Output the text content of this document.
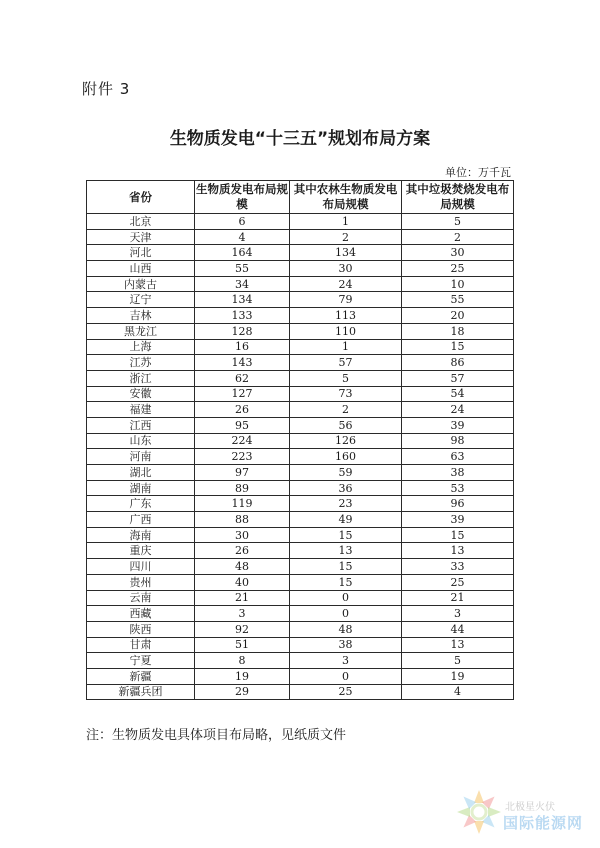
附件 3
生物质发电“十三五”规划布局方案
单位：万千瓦
省份	生物质发电布局规模	其中农林生物质发电布局规模	其中垃圾焚烧发电布局规模
北京	6	1	5
天津	4	2	2
河北	164	134	30
山西	55	30	25
内蒙古	34	24	10
辽宁	134	79	55
吉林	133	113	20
黑龙江	128	110	18
上海	16	1	15
江苏	143	57	86
浙江	62	5	57
安徽	127	73	54
福建	26	2	24
江西	95	56	39
山东	224	126	98
河南	223	160	63
湖北	97	59	38
湖南	89	36	53
广东	119	23	96
广西	88	49	39
海南	30	15	15
重庆	26	13	13
四川	48	15	33
贵州	40	15	25
云南	21	0	21
西藏	3	0	3
陕西	92	48	44
甘肃	51	38	13
宁夏	8	3	5
新疆	19	0	19
新疆兵团	29	25	4
注：生物质发电具体项目布局略，见纸质文件
北极星火伏
国际能源网
